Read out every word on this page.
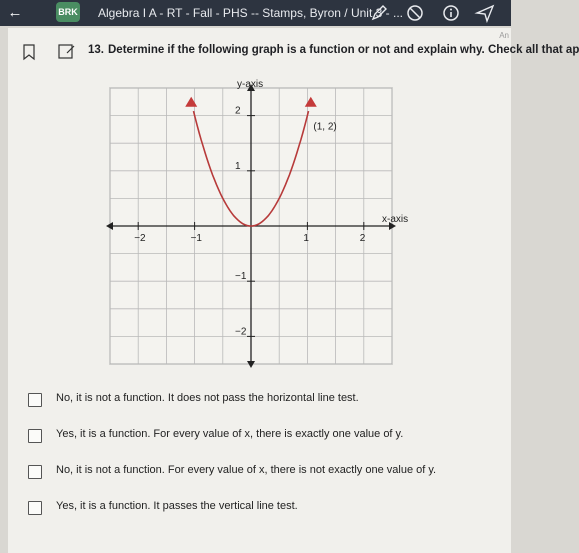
←	BRK Algebra I A - RT - Fall - PHS -- Stamps, Byron / Unit 3 - ...
An
13. Determine if the following graph is a function or not and explain why. Check all that ap
−2	−1	1	2
2
1
−1
−2
y-axis
x-axis
(1, 2)
No, it is not a function. It does not pass the horizontal line test.
Yes, it is a function. For every value of x, there is exactly one value of y.
No, it is not a function. For every value of x, there is not exactly one value of y.
Yes, it is a function. It passes the vertical line test.
